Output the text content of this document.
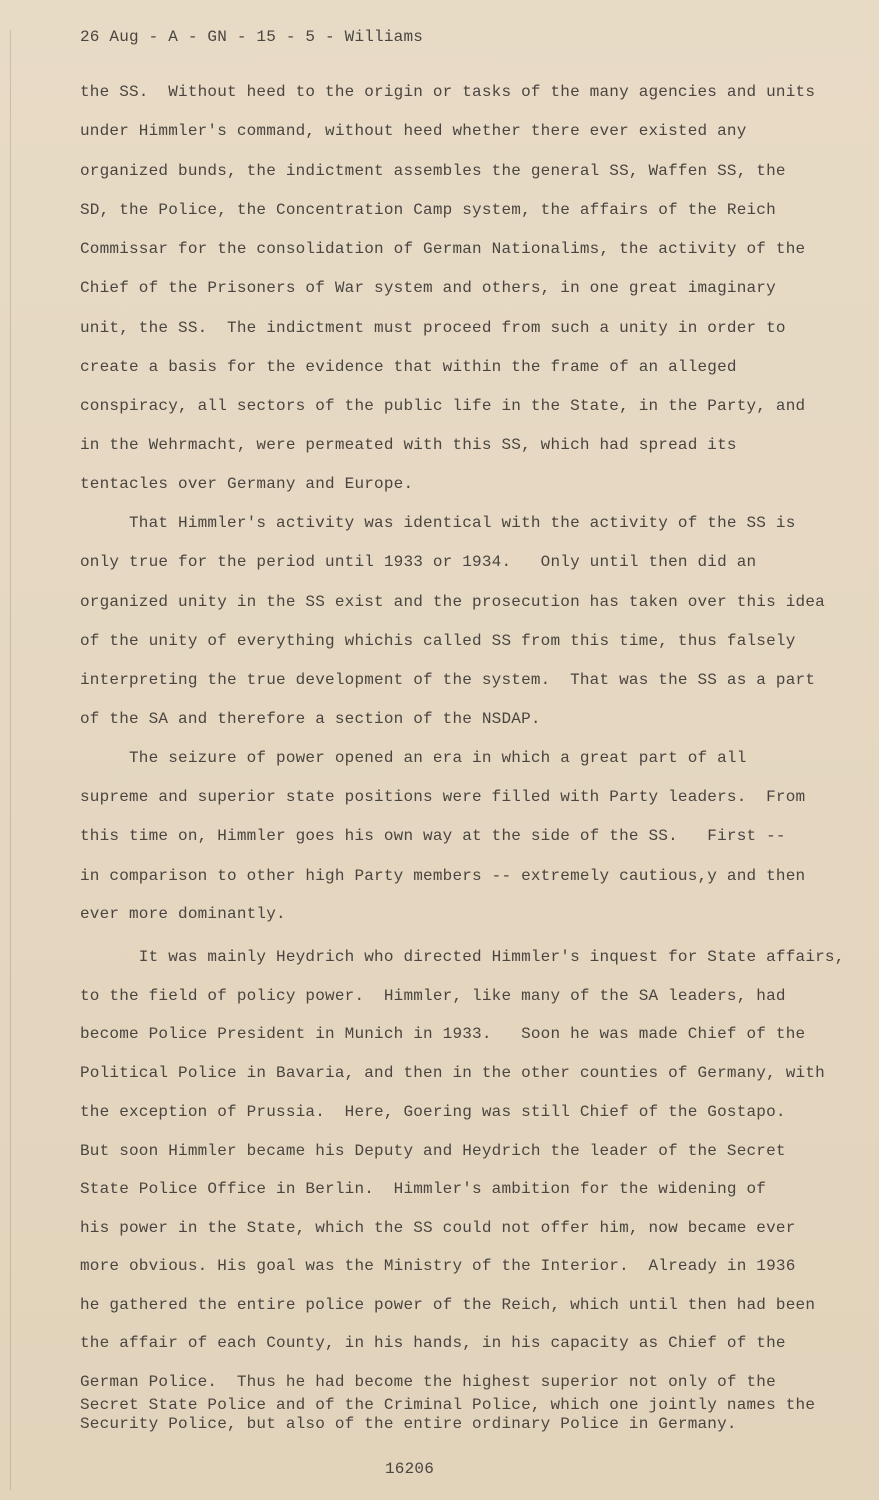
26 Aug - A - GN - 15 - 5 - Williams
the SS.  Without heed to the origin or tasks of the many agencies and units
under Himmler's command, without heed whether there ever existed any
organized bunds, the indictment assembles the general SS, Waffen SS, the
SD, the Police, the Concentration Camp system, the affairs of the Reich
Commissar for the consolidation of German Nationalims, the activity of the
Chief of the Prisoners of War system and others, in one great imaginary
unit, the SS.  The indictment must proceed from such a unity in order to
create a basis for the evidence that within the frame of an alleged
conspiracy, all sectors of the public life in the State, in the Party, and
in the Wehrmacht, were permeated with this SS, which had spread its
tentacles over Germany and Europe.
That Himmler's activity was identical with the activity of the SS is
only true for the period until 1933 or 1934.   Only until then did an
organized unity in the SS exist and the prosecution has taken over this idea
of the unity of everything whichis called SS from this time, thus falsely
interpreting the true development of the system.  That was the SS as a part
of the SA and therefore a section of the NSDAP.
The seizure of power opened an era in which a great part of all
supreme and superior state positions were filled with Party leaders.  From
this time on, Himmler goes his own way at the side of the SS.   First --
in comparison to other high Party members -- extremely cautious,y and then
ever more dominantly.
It was mainly Heydrich who directed Himmler's inquest for State affairs,
to the field of policy power.  Himmler, like many of the SA leaders, had
become Police President in Munich in 1933.   Soon he was made Chief of the
Political Police in Bavaria, and then in the other counties of Germany, with
the exception of Prussia.  Here, Goering was still Chief of the Gostapo.
But soon Himmler became his Deputy and Heydrich the leader of the Secret
State Police Office in Berlin.  Himmler's ambition for the widening of
his power in the State, which the SS could not offer him, now became ever
more obvious. His goal was the Ministry of the Interior.  Already in 1936
he gathered the entire police power of the Reich, which until then had been
the affair of each County, in his hands, in his capacity as Chief of the
German Police.  Thus he had become the highest superior not only of the
Secret State Police and of the Criminal Police, which one jointly names the
Security Police, but also of the entire ordinary Police in Germany.
16206
